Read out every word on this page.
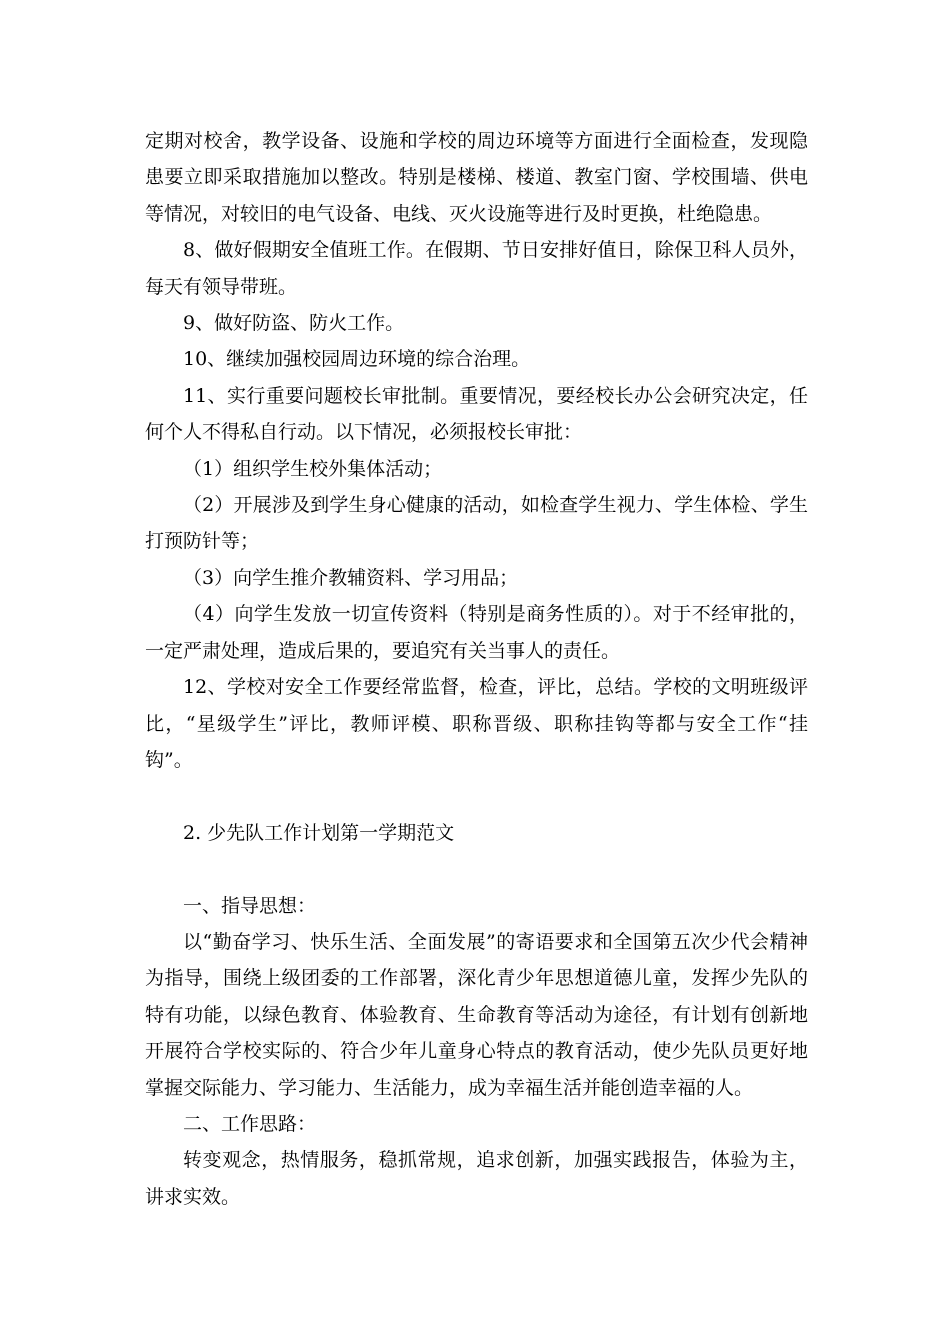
定期对校舍，教学设备、设施和学校的周边环境等方面进行全面检查，发现隐患要立即采取措施加以整改。特别是楼梯、楼道、教室门窗、学校围墙、供电等情况，对较旧的电气设备、电线、灭火设施等进行及时更换，杜绝隐患。

8、做好假期安全值班工作。在假期、节日安排好值日，除保卫科人员外，每天有领导带班。

9、做好防盗、防火工作。

10、继续加强校园周边环境的综合治理。

11、实行重要问题校长审批制。重要情况，要经校长办公会研究决定，任何个人不得私自行动。以下情况，必须报校长审批：

（1）组织学生校外集体活动；

（2）开展涉及到学生身心健康的活动，如检查学生视力、学生体检、学生打预防针等；

（3）向学生推介教辅资料、学习用品；

（4）向学生发放一切宣传资料（特别是商务性质的）。对于不经审批的，一定严肃处理，造成后果的，要追究有关当事人的责任。

12、学校对安全工作要经常监督，检查，评比，总结。学校的文明班级评比，“星级学生”评比，教师评模、职称晋级、职称挂钩等都与安全工作“挂钩”。

2. 少先队工作计划第一学期范文

一、指导思想：

以“勤奋学习、快乐生活、全面发展”的寄语要求和全国第五次少代会精神为指导，围绕上级团委的工作部署，深化青少年思想道德儿童，发挥少先队的特有功能，以绿色教育、体验教育、生命教育等活动为途径，有计划有创新地开展符合学校实际的、符合少年儿童身心特点的教育活动，使少先队员更好地掌握交际能力、学习能力、生活能力，成为幸福生活并能创造幸福的人。

二、工作思路：

转变观念，热情服务，稳抓常规，追求创新，加强实践报告，体验为主，讲求实效。
